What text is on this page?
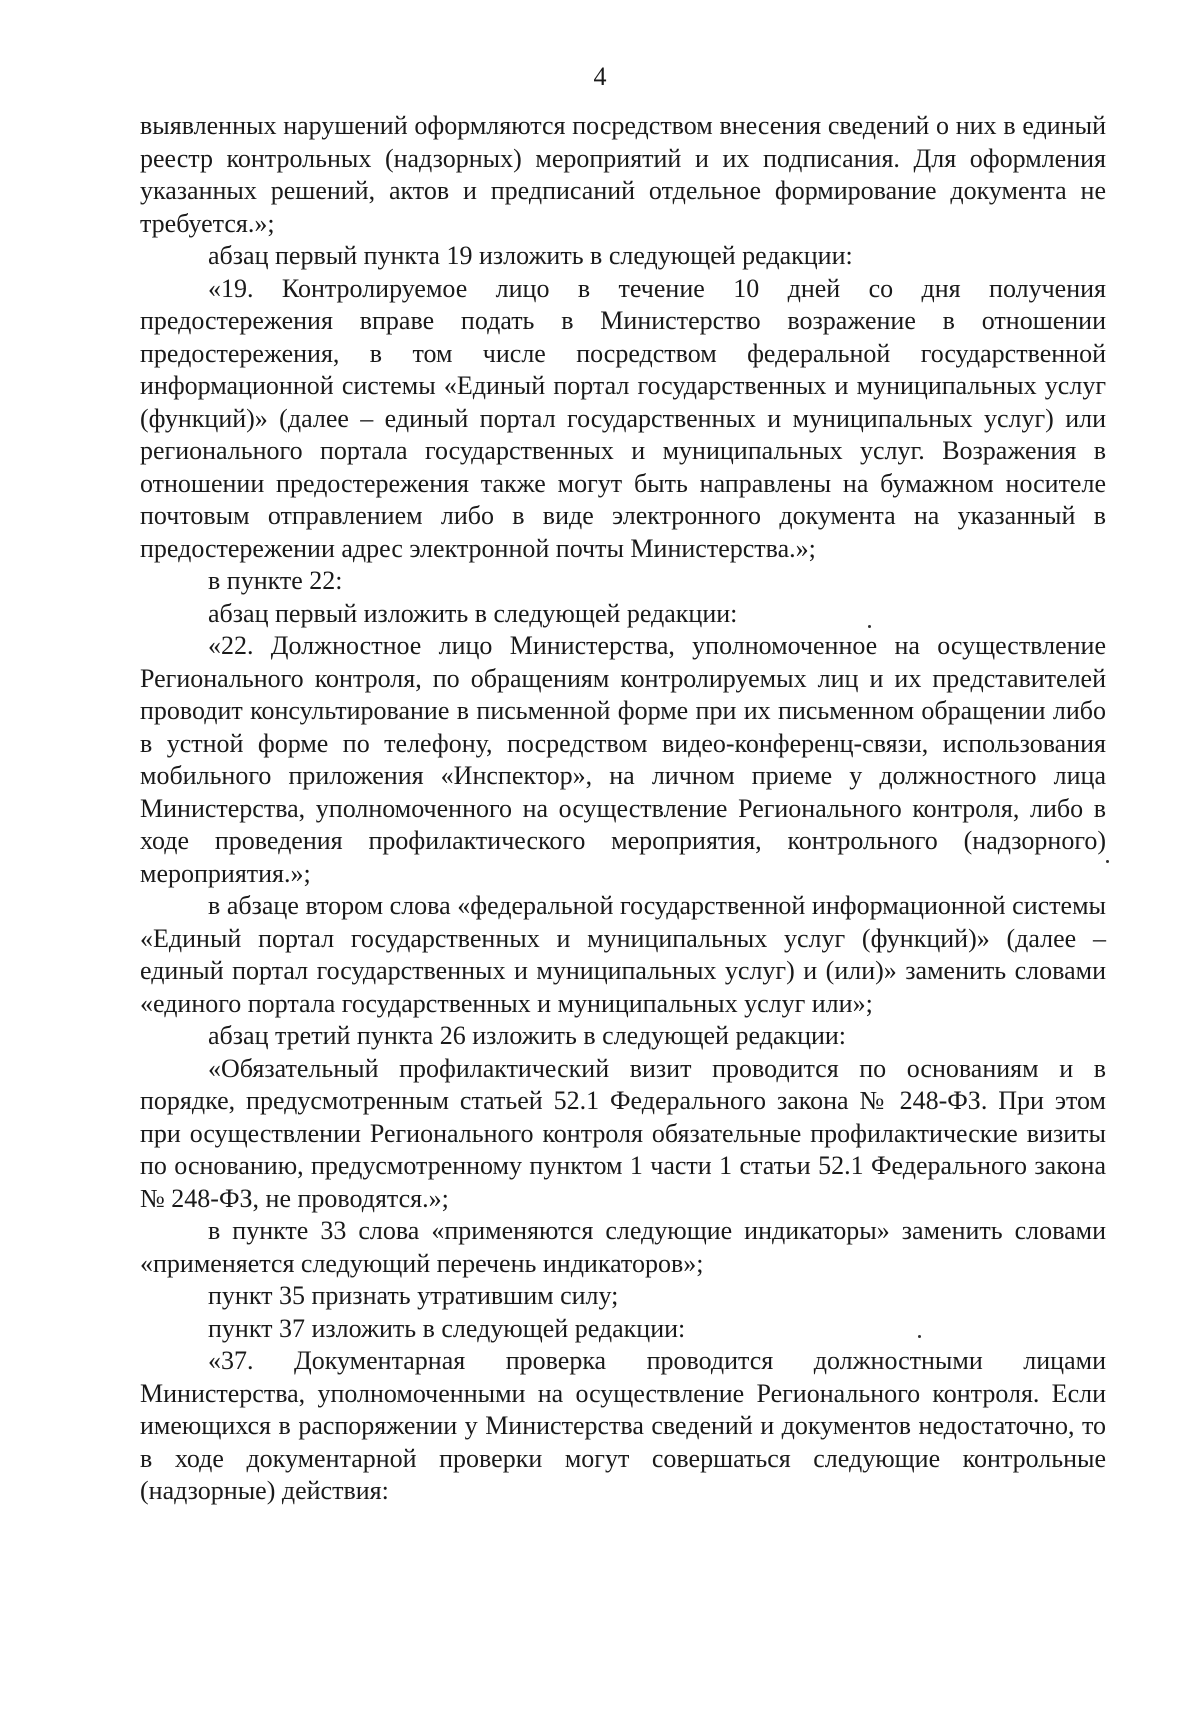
4

выявленных нарушений оформляются посредством внесения сведений о них в единый реестр контрольных (надзорных) мероприятий и их подписания. Для оформления указанных решений, актов и предписаний отдельное формирование документа не требуется.»;

абзац первый пункта 19 изложить в следующей редакции:

«19. Контролируемое лицо в течение 10 дней со дня получения предостережения вправе подать в Министерство возражение в отношении предостережения, в том числе посредством федеральной государственной информационной системы «Единый портал государственных и муниципальных услуг (функций)» (далее – единый портал государственных и муниципальных услуг) или регионального портала государственных и муниципальных услуг. Возражения в отношении предостережения также могут быть направлены на бумажном носителе почтовым отправлением либо в виде электронного документа на указанный в предостережении адрес электронной почты Министерства.»;

в пункте 22:

абзац первый изложить в следующей редакции:

«22. Должностное лицо Министерства, уполномоченное на осуществление Регионального контроля, по обращениям контролируемых лиц и их представителей проводит консультирование в письменной форме при их письменном обращении либо в устной форме по телефону, посредством видео-конференц-связи, использования мобильного приложения «Инспектор», на личном приеме у должностного лица Министерства, уполномоченного на осуществление Регионального контроля, либо в ходе проведения профилактического мероприятия, контрольного (надзорного) мероприятия.»;

в абзаце втором слова «федеральной государственной информационной системы «Единый портал государственных и муниципальных услуг (функций)» (далее – единый портал государственных и муниципальных услуг) и (или)» заменить словами «единого портала государственных и муниципальных услуг или»;

абзац третий пункта 26 изложить в следующей редакции:

«Обязательный профилактический визит проводится по основаниям и в порядке, предусмотренным статьей 52.1 Федерального закона № 248-ФЗ. При этом при осуществлении Регионального контроля обязательные профилактические визиты по основанию, предусмотренному пунктом 1 части 1 статьи 52.1 Федерального закона № 248-ФЗ, не проводятся.»;

в пункте 33 слова «применяются следующие индикаторы» заменить словами «применяется следующий перечень индикаторов»;

пункт 35 признать утратившим силу;

пункт 37 изложить в следующей редакции:

«37. Документарная проверка проводится должностными лицами Министерства, уполномоченными на осуществление Регионального контроля. Если имеющихся в распоряжении у Министерства сведений и документов недостаточно, то в ходе документарной проверки могут совершаться следующие контрольные (надзорные) действия:
